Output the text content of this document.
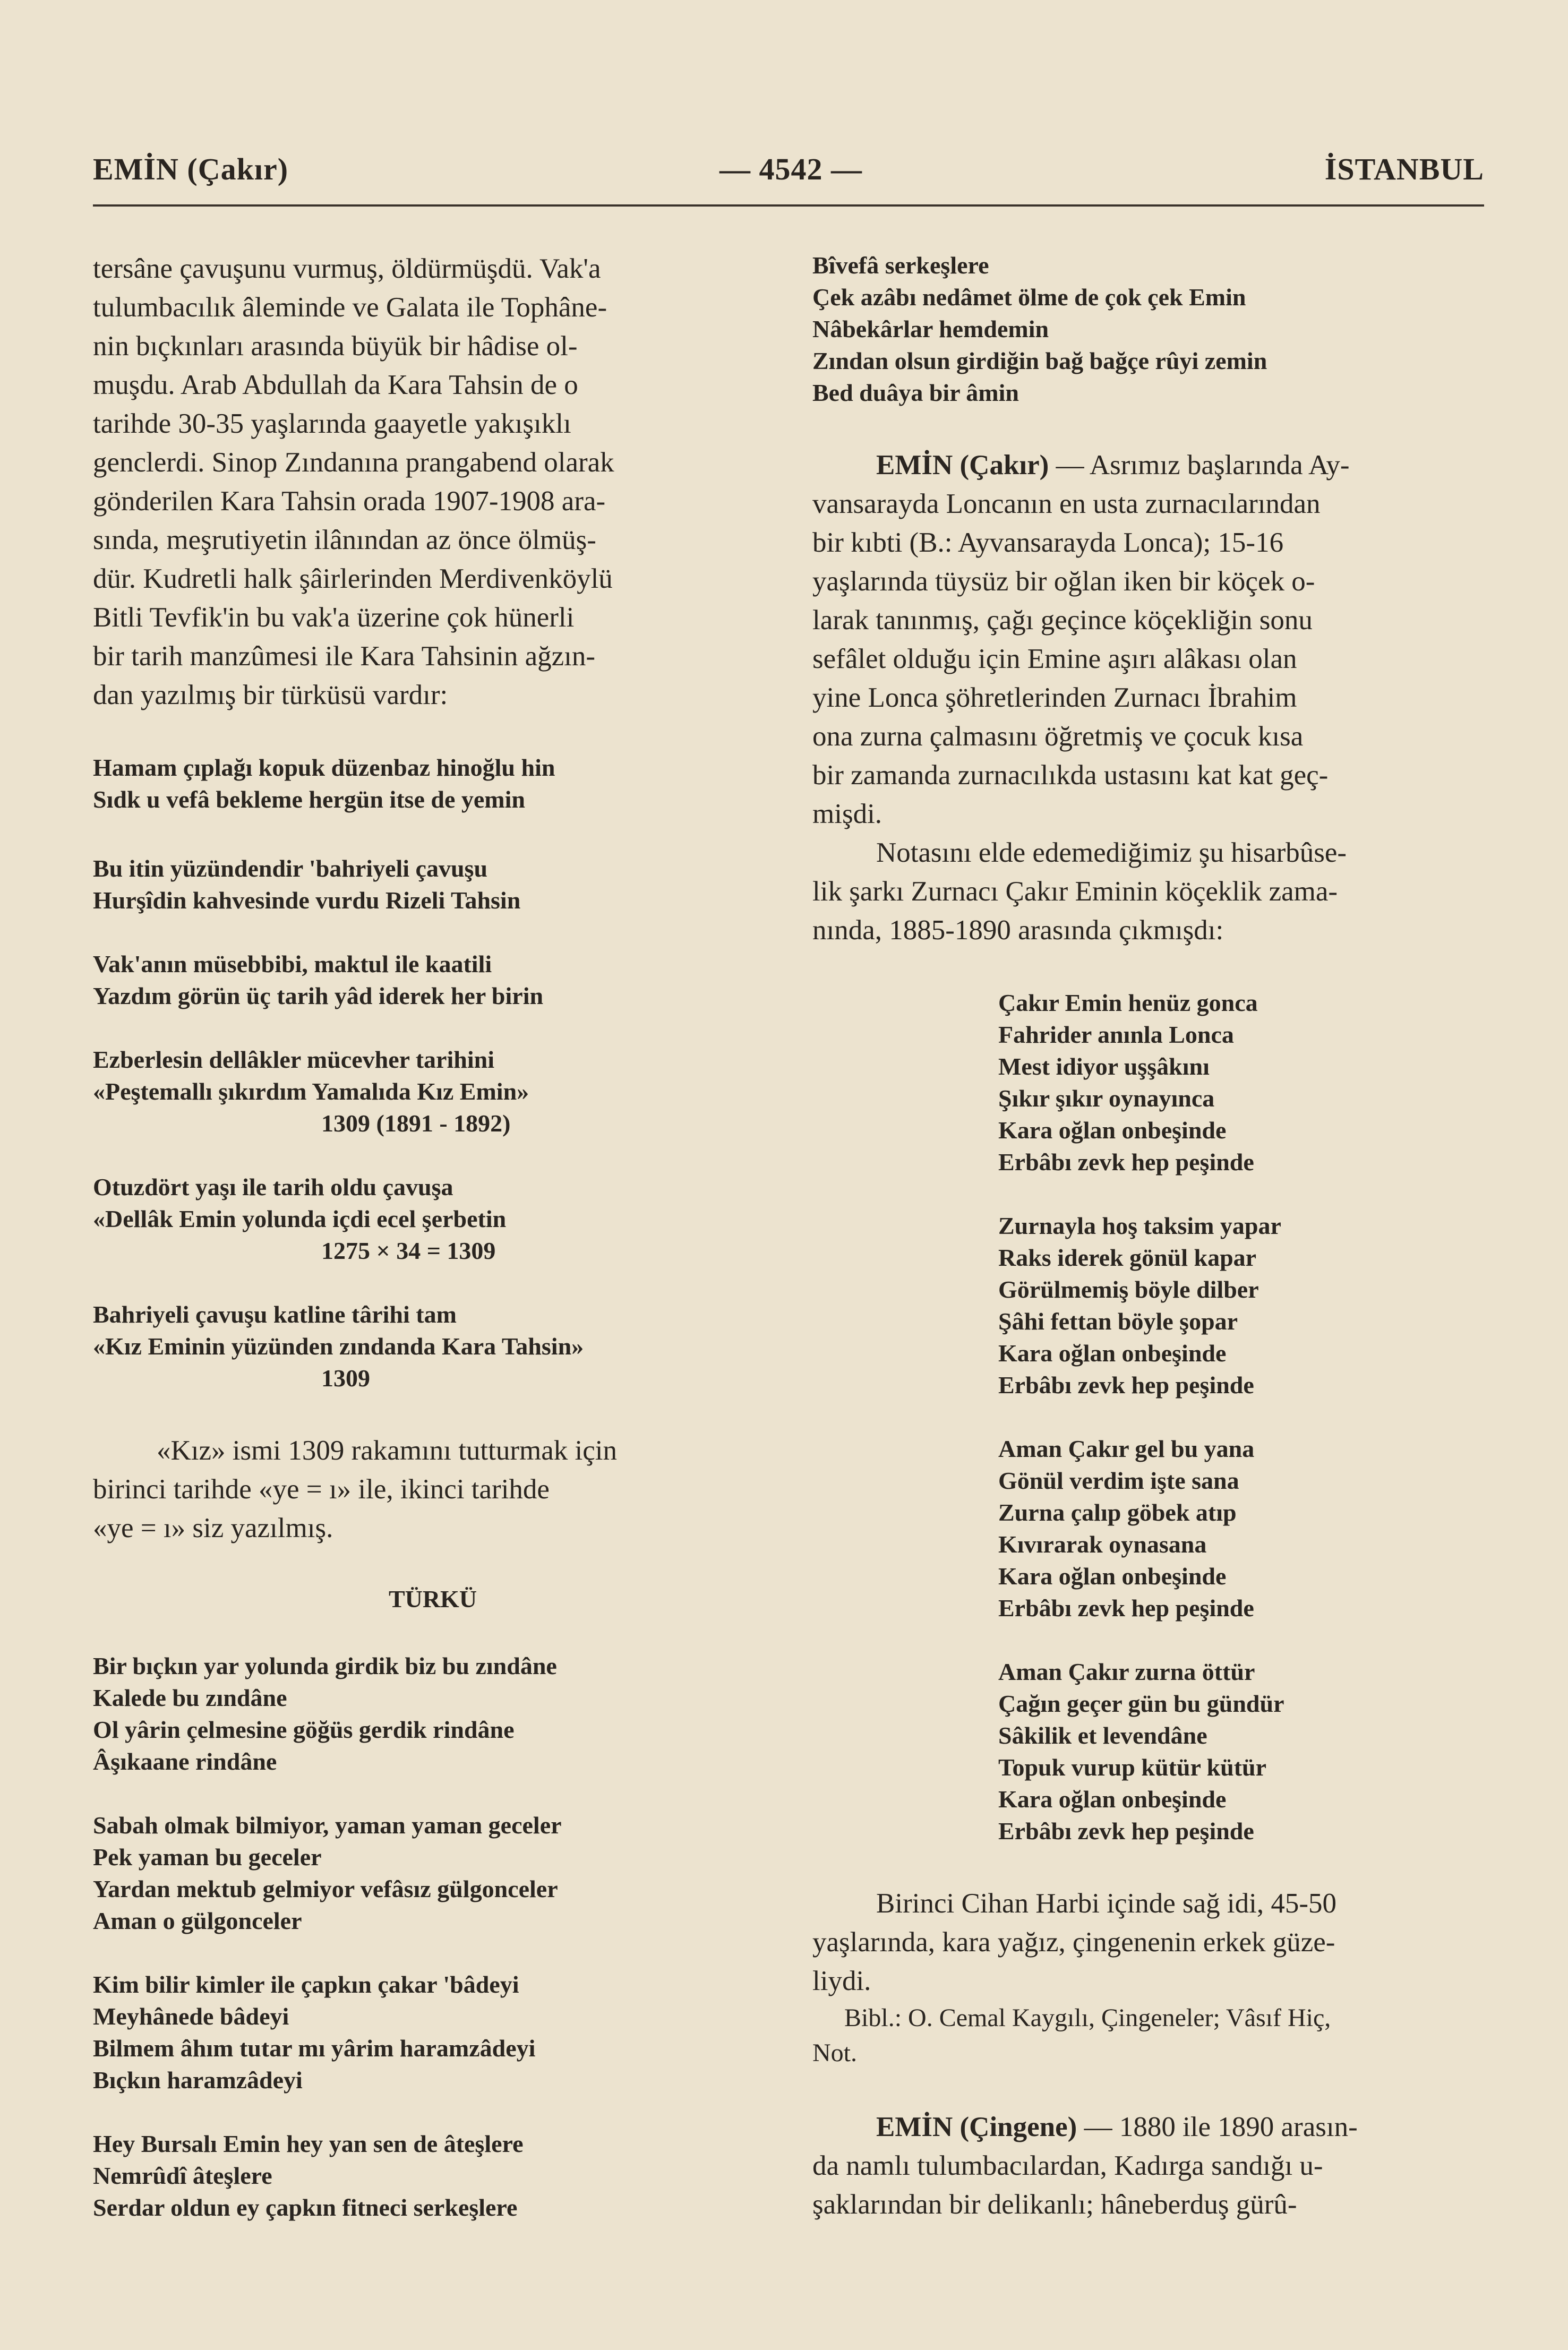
EMİN (Çakır)	— 4542 —	İSTANBUL
tersâne çavuşunu vurmuş, öldürmüşdü. Vak'a
tulumbacılık âleminde ve Galata ile Tophâne-
nin bıçkınları arasında büyük bir hâdise ol-
muşdu. Arab Abdullah da Kara Tahsin de o
tarihde 30-35 yaşlarında gaayetle yakışıklı
genclerdi. Sinop Zındanına prangabend olarak
gönderilen Kara Tahsin orada 1907-1908 ara-
sında, meşrutiyetin ilânından az önce ölmüş-
dür. Kudretli halk şâirlerinden Merdivenköylü
Bitli Tevfik'in bu vak'a üzerine çok hünerli
bir tarih manzûmesi ile Kara Tahsinin ağzın-
dan yazılmış bir türküsü vardır:
Hamam çıplağı kopuk düzenbaz hinoğlu hin
Sıdk u vefâ bekleme hergün itse de yemin
Bu itin yüzündendir 'bahriyeli çavuşu
Hurşîdin kahvesinde vurdu Rizeli Tahsin
Vak'anın müsebbibi, maktul ile kaatili
Yazdım görün üç tarih yâd iderek her birin
Ezberlesin dellâkler mücevher tarihini
«Peştemallı şıkırdım Yamalıda Kız Emin»
1309 (1891 - 1892)
Otuzdört yaşı ile tarih oldu çavuşa
«Dellâk Emin yolunda içdi ecel şerbetin
1275 × 34 = 1309
Bahriyeli çavuşu katline târihi tam
«Kız Eminin yüzünden zındanda Kara Tahsin»
1309
«Kız» ismi 1309 rakamını tutturmak için
birinci tarihde «ye = ı» ile, ikinci tarihde
«ye = ı» siz yazılmış.

TÜRKÜ

Bir bıçkın yar yolunda girdik biz bu zındâne
Kalede bu zındâne
Ol yârin çelmesine göğüs gerdik rindâne
Âşıkaane rindâne
Sabah olmak bilmiyor, yaman yaman geceler
Pek yaman bu geceler
Yardan mektub gelmiyor vefâsız gülgonceler
Aman o gülgonceler
Kim bilir kimler ile çapkın çakar 'bâdeyi
Meyhânede bâdeyi
Bilmem âhım tutar mı yârim haramzâdeyi
Bıçkın haramzâdeyi
Hey Bursalı Emin hey yan sen de âteşlere
Nemrûdî âteşlere
Serdar oldun ey çapkın fitneci serkeşlere
Bîvefâ serkeşlere
Çek azâbı nedâmet ölme de çok çek Emin
Nâbekârlar hemdemin
Zından olsun girdiğin bağ bağçe rûyi zemin
Bed duâya bir âmin
EMİN (Çakır) — Asrımız başlarında Ay-
vansarayda Loncanın en usta zurnacılarından
bir kıbti (B.: Ayvansarayda Lonca); 15-16
yaşlarında tüysüz bir oğlan iken bir köçek o-
larak tanınmış, çağı geçince köçekliğin sonu
sefâlet olduğu için Emine aşırı alâkası olan
yine Lonca şöhretlerinden Zurnacı İbrahim
ona zurna çalmasını öğretmiş ve çocuk kısa
bir zamanda zurnacılıkda ustasını kat kat geç-
mişdi.
Notasını elde edemediğimiz şu hisarbûse-
lik şarkı Zurnacı Çakır Eminin köçeklik zama-
nında, 1885-1890 arasında çıkmışdı:
Çakır Emin henüz gonca
Fahrider anınla Lonca
Mest idiyor uşşâkını
Şıkır şıkır oynayınca
Kara oğlan onbeşinde
Erbâbı zevk hep peşinde
Zurnayla hoş taksim yapar
Raks iderek gönül kapar
Görülmemiş böyle dilber
Şâhi fettan böyle şopar
Kara oğlan onbeşinde
Erbâbı zevk hep peşinde
Aman Çakır gel bu yana
Gönül verdim işte sana
Zurna çalıp göbek atıp
Kıvırarak oynasana
Kara oğlan onbeşinde
Erbâbı zevk hep peşinde
Aman Çakır zurna öttür
Çağın geçer gün bu gündür
Sâkilik et levendâne
Topuk vurup kütür kütür
Kara oğlan onbeşinde
Erbâbı zevk hep peşinde
Birinci Cihan Harbi içinde sağ idi, 45-50
yaşlarında, kara yağız, çingenenin erkek güze-
liydi.
Bibl.: O. Cemal Kaygılı, Çingeneler; Vâsıf Hiç,
Not.
EMİN (Çingene) — 1880 ile 1890 arasın-
da namlı tulumbacılardan, Kadırga sandığı u-
şaklarından bir delikanlı; hâneberduş gürû-
